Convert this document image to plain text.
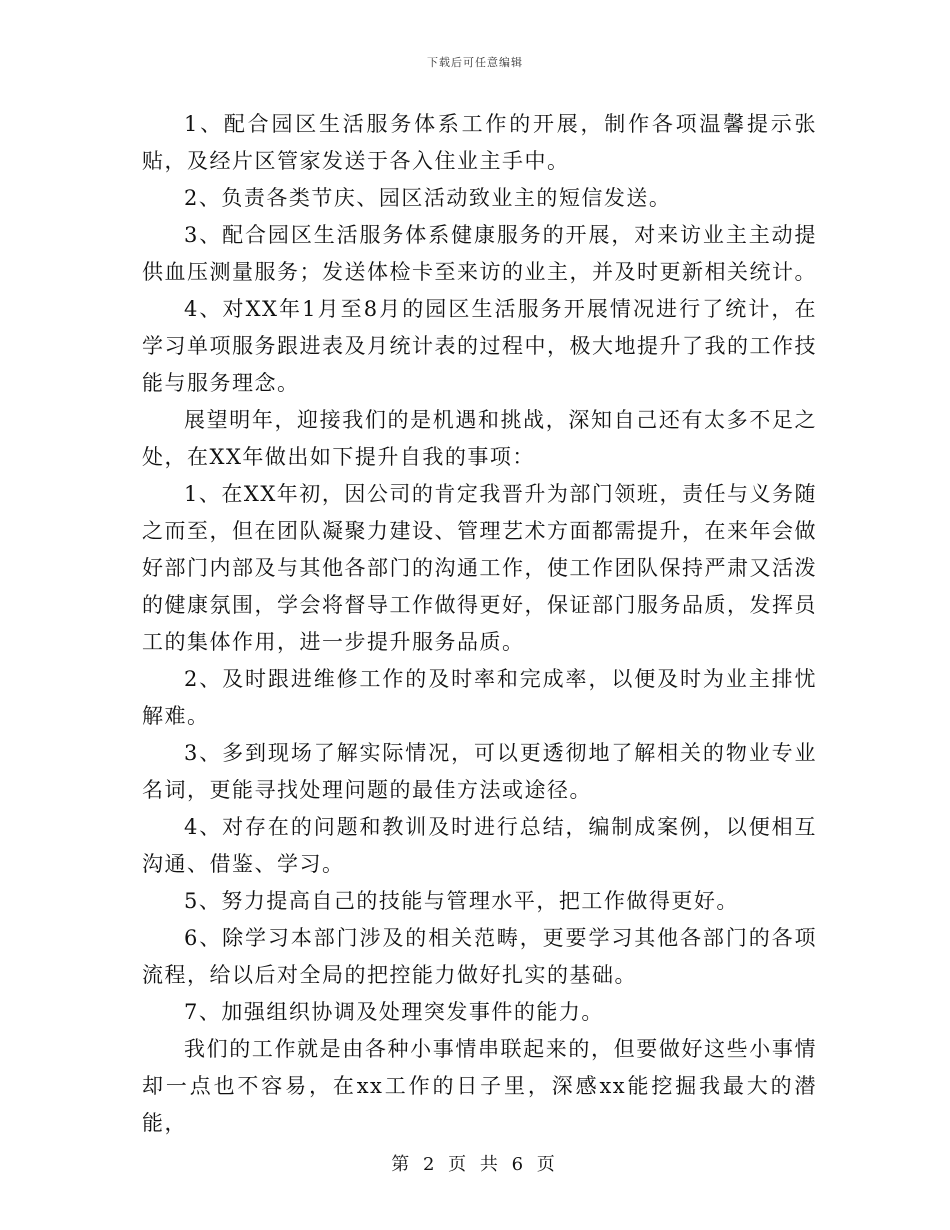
下载后可任意编辑

1、配合园区生活服务体系工作的开展，制作各项温馨提示张贴，及经片区管家发送于各入住业主手中。

2、负责各类节庆、园区活动致业主的短信发送。

3、配合园区生活服务体系健康服务的开展，对来访业主主动提供血压测量服务；发送体检卡至来访的业主，并及时更新相关统计。

4、对XX年1月至8月的园区生活服务开展情况进行了统计，在学习单项服务跟进表及月统计表的过程中，极大地提升了我的工作技能与服务理念。

展望明年，迎接我们的是机遇和挑战，深知自己还有太多不足之处，在XX年做出如下提升自我的事项：

1、在XX年初，因公司的肯定我晋升为部门领班，责任与义务随之而至，但在团队凝聚力建设、管理艺术方面都需提升，在来年会做好部门内部及与其他各部门的沟通工作，使工作团队保持严肃又活泼的健康氛围，学会将督导工作做得更好，保证部门服务品质，发挥员工的集体作用，进一步提升服务品质。

2、及时跟进维修工作的及时率和完成率，以便及时为业主排忧解难。

3、多到现场了解实际情况，可以更透彻地了解相关的物业专业名词，更能寻找处理问题的最佳方法或途径。

4、对存在的问题和教训及时进行总结，编制成案例，以便相互沟通、借鉴、学习。

5、努力提高自己的技能与管理水平，把工作做得更好。

6、除学习本部门涉及的相关范畴，更要学习其他各部门的各项流程，给以后对全局的把控能力做好扎实的基础。

7、加强组织协调及处理突发事件的能力。

我们的工作就是由各种小事情串联起来的，但要做好这些小事情却一点也不容易，在xx工作的日子里，深感xx能挖掘我最大的潜能，

第 2 页 共 6 页
